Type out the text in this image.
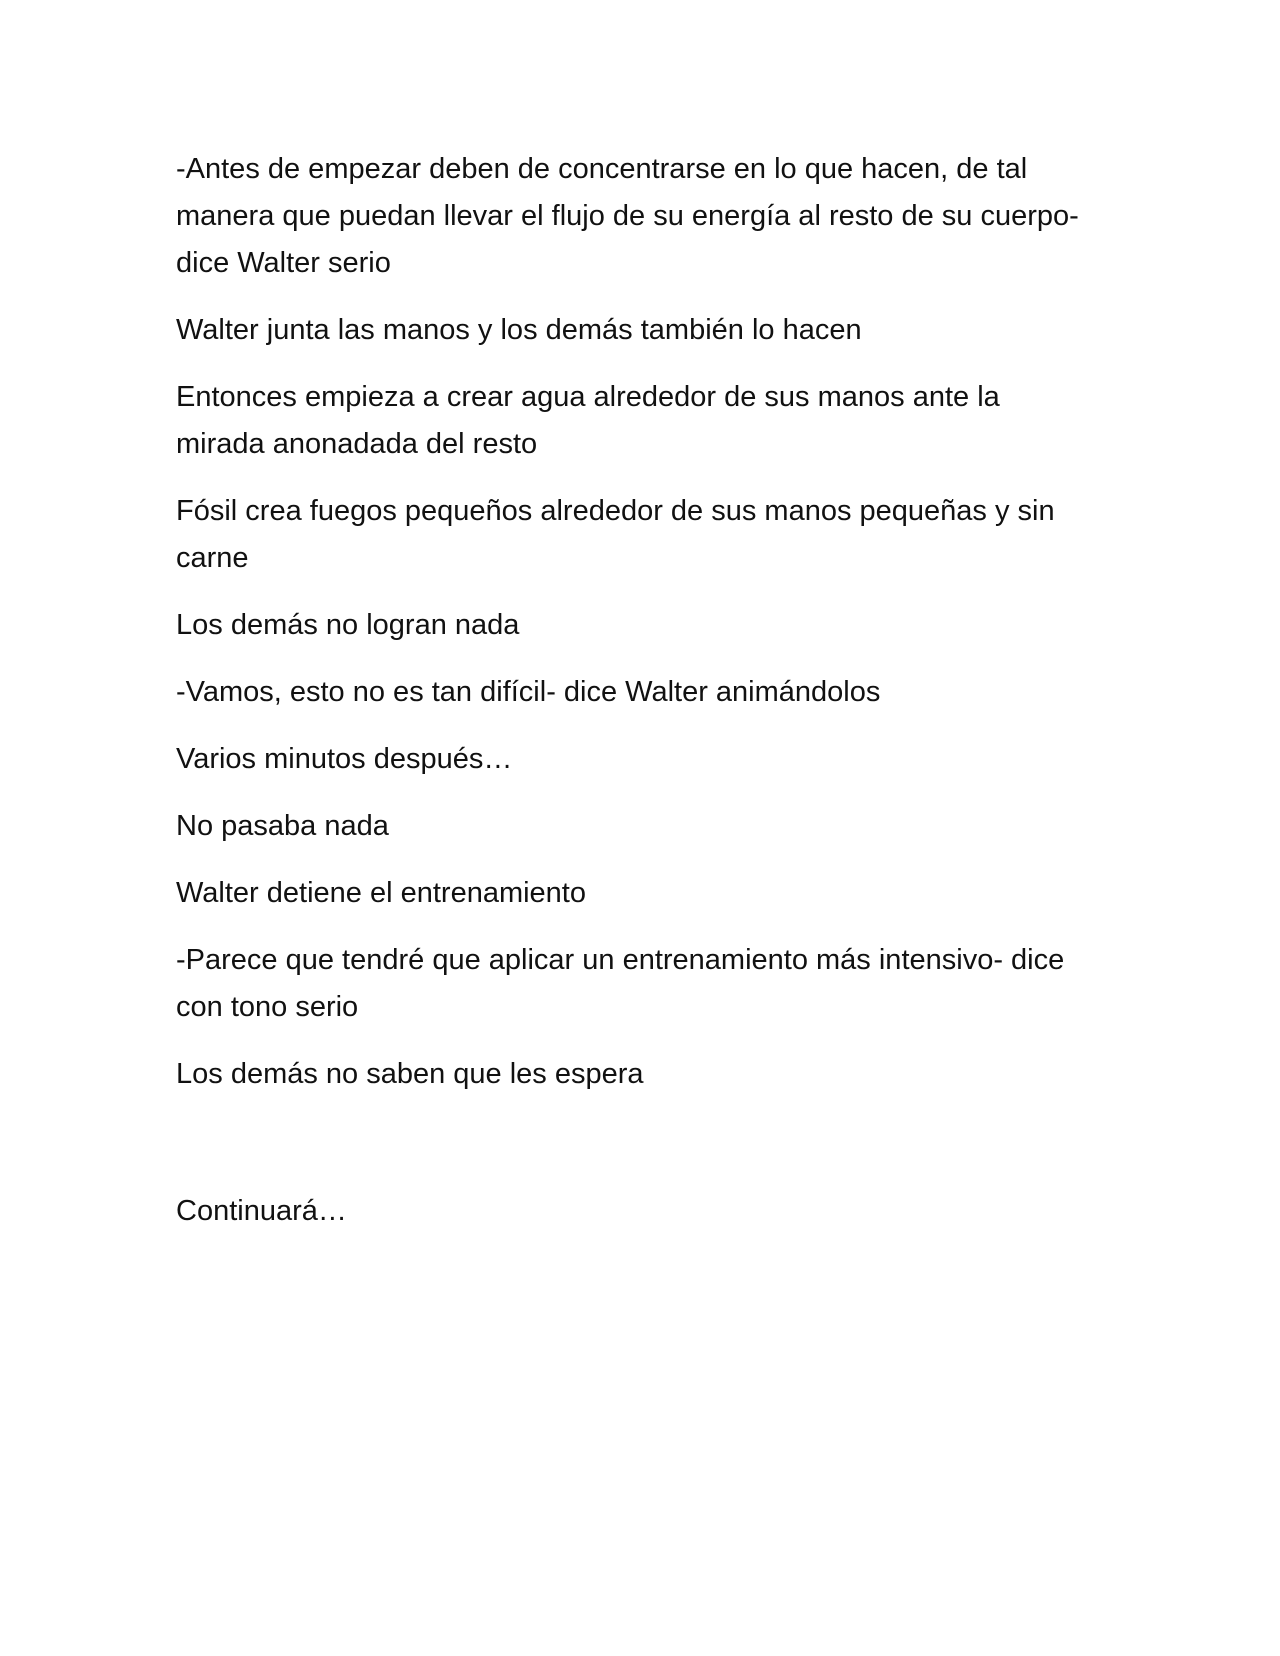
-Antes de empezar deben de concentrarse en lo que hacen, de tal manera que puedan llevar el flujo de su energía al resto de su cuerpo- dice Walter serio

Walter junta las manos y los demás también lo hacen

Entonces empieza a crear agua alrededor de sus manos ante la mirada anonadada del resto

Fósil crea fuegos pequeños alrededor de sus manos pequeñas y sin carne

Los demás no logran nada

-Vamos, esto no es tan difícil- dice Walter animándolos

Varios minutos después…

No pasaba nada

Walter detiene el entrenamiento

-Parece que tendré que aplicar un entrenamiento más intensivo- dice con tono serio

Los demás no saben que les espera

Continuará…
